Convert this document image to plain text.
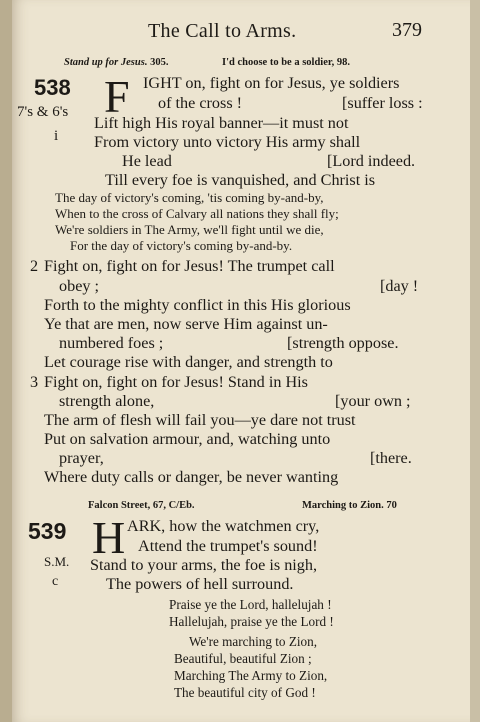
The Call to Arms.	379
Stand up for Jesus. 305.	I'd choose to be a soldier, 98.
538 F IGHT on, fight on for Jesus, ye soldiers
of the cross !	[suffer loss :
7's & 6's
Lift high His royal banner—it must not
i From victory unto victory His army shall
He lead	[Lord indeed.
Till every foe is vanquished, and Christ is
The day of victory's coming, 'tis coming by-and-by,
When to the cross of Calvary all nations they shall fly;
We're soldiers in The Army, we'll fight until we die,
For the day of victory's coming by-and-by.
2 Fight on, fight on for Jesus! The trumpet call
obey ;	[day !
Forth to the mighty conflict in this His glorious
Ye that are men, now serve Him against un-
numbered foes ;	[strength oppose.
Let courage rise with danger, and strength to
3 Fight on, fight on for Jesus! Stand in His
strength alone,	[your own ;
The arm of flesh will fail you—ye dare not trust
Put on salvation armour, and, watching unto
prayer,	[there.
Where duty calls or danger, be never wanting
Falcon Street, 67, C/Eb.	Marching to Zion. 70
539 H ARK, how the watchmen cry,
Attend the trumpet's sound!
S.M. Stand to your arms, the foe is nigh,
c	The powers of hell surround.
Praise ye the Lord, hallelujah !
Hallelujah, praise ye the Lord !
We're marching to Zion,
Beautiful, beautiful Zion ;
Marching The Army to Zion,
The beautiful city of God !
